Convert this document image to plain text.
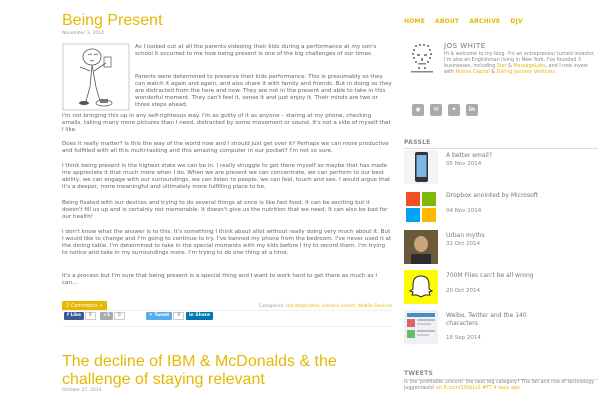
Being Present
November 3, 2014

As I looked out at all the parents videoing their kids during a performance at my son's school it occurred to me how being present is one of the big challenges of our times.

Parents were determined to preserve their kids performance. This is presumably so they can watch it again and again, and also share it with family and friends. But in doing so they are distracted from the here and now. They are not in the present and able to take in this wonderful moment. They can't feel it, sense it and just enjoy it. Their minds are two or three steps ahead.

I'm not bringing this up in any self-righteous way. I'm as guilty of it as anyone – staring at my phone, checking emails, taking many more pictures than I need, distracted by some movement or sound. It's not a side of myself that I like.

Does it really matter? Is this the way of the world now and I should just get over it? Perhaps we can more productive and fulfilled with all this multi-tasking and this amazing computer in our pocket? I'm not so sure.

I think being present is the highest state we can be in. I really struggle to get there myself so maybe that has made me appreciate it that much more when I do. When we are present we can concentrate, we can perform to our best ability, we can engage with our surroundings, we can listen to people, we can feel, touch and see. I would argue that it's a deeper, more meaningful and ultimately more fulfilling place to be.

Being fixated with our devices and trying to do several things at once is like fast food. It can be exciting but it doesn't fill us up and is certainly not memorable. It doesn't give us the nutrition that we need. It can also be bad for our health!

I don't know what the answer is to this. It's something I think about allot without really doing very much about it. But I would like to change and I'm going to continue to try. I've banned my phone from the bedroom. I've never used it at the dining table. I'm determined to take in the special moments with my kids before I try to record them. I'm trying to notice and take in my surroundings more. I'm trying to do one thing at a time.

It's a process but I'm sure that being present is a special thing and I want to work hard to get there as much as I can...

2 Comments »	Categories: Uncategorized, Lessons Learnt, Mobile Devices
f Like	0	+1	0	✦ Tweet	0	in Share
The decline of IBM & McDonalds & the challenge of staying relevant
October 27, 2014
HOME ABOUT ARCHIVE DJV
JOS WHITE
Hi & welcome to my blog. I'm an entrepreneur turned investor. I'm also an Englishman living in New York. I've founded 3 businesses, including Star & MessageLabs, and I now invest with Notion Capital & Daring Journey Ventures.
◉	✉	✦	in
PASSLE
A better email?
05 Nov 2014
Dropbox anointed by Microsoft
04 Nov 2014
Urban myths
31 Oct 2014
700M Flies can't be all wrong
20 Oct 2014
Weibo, Twitter and the 140 characters
16 Sep 2014
TWEETS
Is the 'profitable unicorn' the next big category? The fall and rise of technology juggernauts! on.ft.com/1SkbLs2 #FT 4 days ago
